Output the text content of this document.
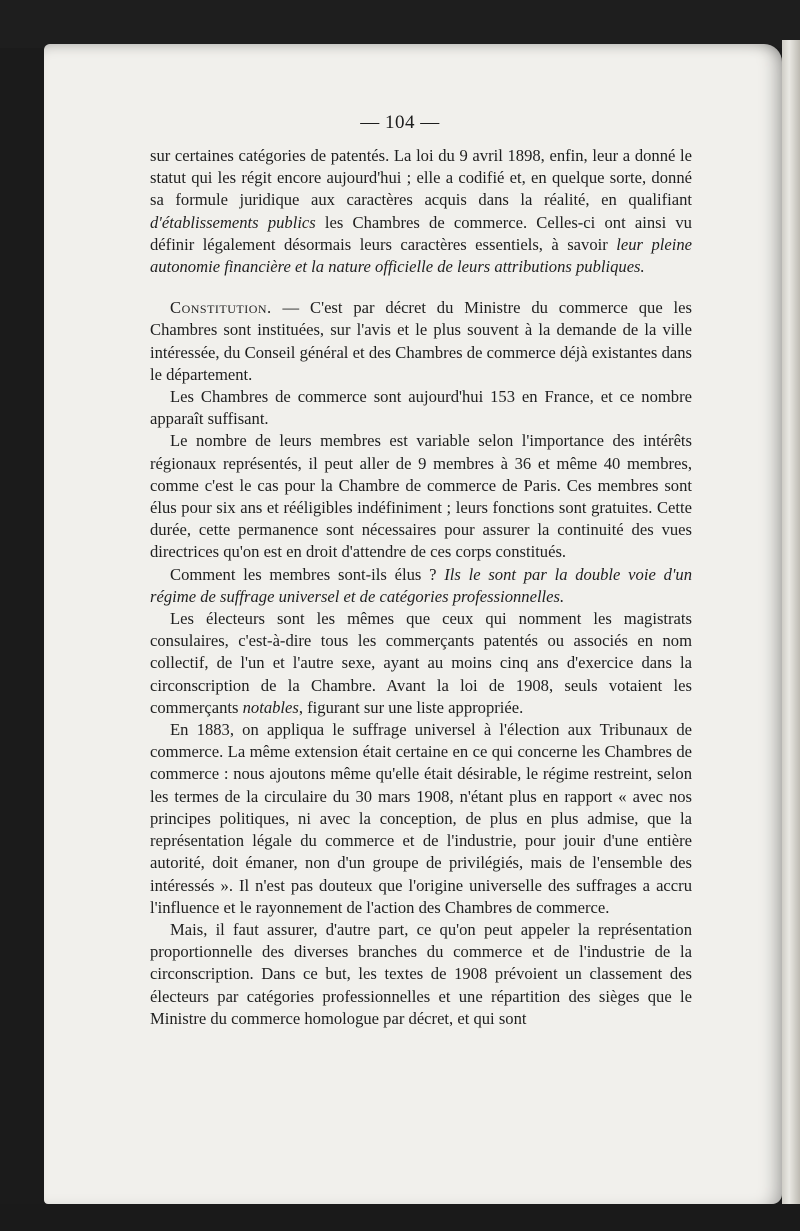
— 104 —

sur certaines catégories de patentés. La loi du 9 avril 1898, enfin, leur a donné le statut qui les régit encore aujourd'hui ; elle a codifié et, en quelque sorte, donné sa formule juridique aux caractères acquis dans la réalité, en qualifiant d'établissements publics les Chambres de commerce. Celles-ci ont ainsi vu définir légalement désormais leurs caractères essentiels, à savoir leur pleine autonomie financière et la nature officielle de leurs attributions publiques.

Constitution. — C'est par décret du Ministre du commerce que les Chambres sont instituées, sur l'avis et le plus souvent à la demande de la ville intéressée, du Conseil général et des Chambres de commerce déjà existantes dans le département.

Les Chambres de commerce sont aujourd'hui 153 en France, et ce nombre apparaît suffisant.

Le nombre de leurs membres est variable selon l'importance des intérêts régionaux représentés, il peut aller de 9 membres à 36 et même 40 membres, comme c'est le cas pour la Chambre de commerce de Paris. Ces membres sont élus pour six ans et rééligibles indéfiniment ; leurs fonctions sont gratuites. Cette durée, cette permanence sont nécessaires pour assurer la continuité des vues directrices qu'on est en droit d'attendre de ces corps constitués.

Comment les membres sont-ils élus ? Ils le sont par la double voie d'un régime de suffrage universel et de catégories professionnelles.

Les électeurs sont les mêmes que ceux qui nomment les magistrats consulaires, c'est-à-dire tous les commerçants patentés ou associés en nom collectif, de l'un et l'autre sexe, ayant au moins cinq ans d'exercice dans la circonscription de la Chambre. Avant la loi de 1908, seuls votaient les commerçants notables, figurant sur une liste appropriée.

En 1883, on appliqua le suffrage universel à l'élection aux Tribunaux de commerce. La même extension était certaine en ce qui concerne les Chambres de commerce : nous ajoutons même qu'elle était désirable, le régime restreint, selon les termes de la circulaire du 30 mars 1908, n'étant plus en rapport « avec nos principes politiques, ni avec la conception, de plus en plus admise, que la représentation légale du commerce et de l'industrie, pour jouir d'une entière autorité, doit émaner, non d'un groupe de privilégiés, mais de l'ensemble des intéressés ». Il n'est pas douteux que l'origine universelle des suffrages a accru l'influence et le rayonnement de l'action des Chambres de commerce.

Mais, il faut assurer, d'autre part, ce qu'on peut appeler la représentation proportionnelle des diverses branches du commerce et de l'industrie de la circonscription. Dans ce but, les textes de 1908 prévoient un classement des électeurs par catégories professionnelles et une répartition des sièges que le Ministre du commerce homologue par décret, et qui sont
